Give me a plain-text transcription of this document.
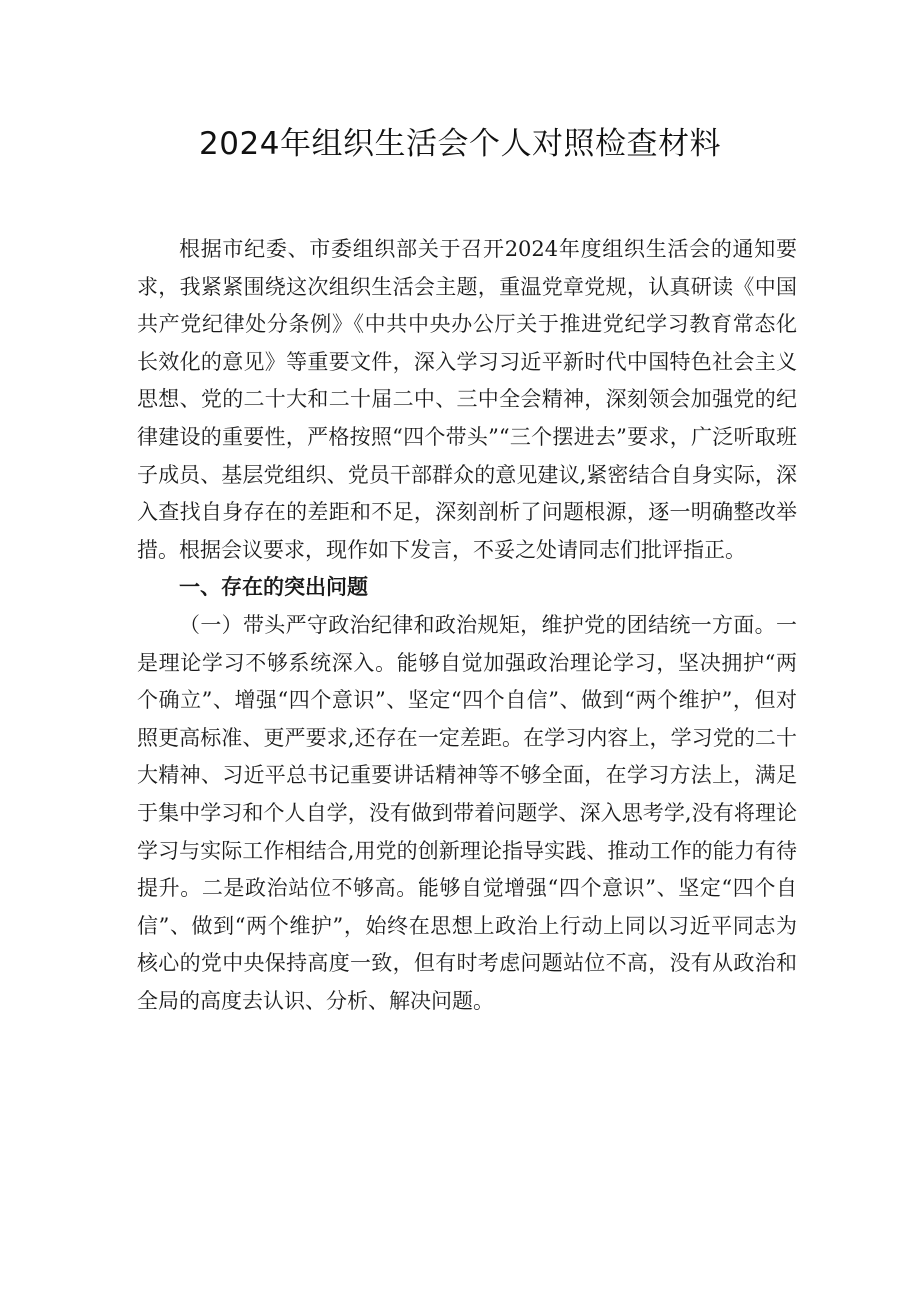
2024年组织生活会个人对照检查材料

根据市纪委、市委组织部关于召开2024年度组织生活会的通知要求，我紧紧围绕这次组织生活会主题，重温党章党规，认真研读《中国共产党纪律处分条例》《中共中央办公厅关于推进党纪学习教育常态化长效化的意见》等重要文件，深入学习习近平新时代中国特色社会主义思想、党的二十大和二十届二中、三中全会精神，深刻领会加强党的纪律建设的重要性，严格按照“四个带头”“三个摆进去”要求，广泛听取班子成员、基层党组织、党员干部群众的意见建议,紧密结合自身实际，深入查找自身存在的差距和不足，深刻剖析了问题根源，逐一明确整改举措。根据会议要求，现作如下发言，不妥之处请同志们批评指正。

一、存在的突出问题

（一）带头严守政治纪律和政治规矩，维护党的团结统一方面。一是理论学习不够系统深入。能够自觉加强政治理论学习，坚决拥护“两个确立”、增强“四个意识”、坚定“四个自信”、做到“两个维护”，但对照更高标准、更严要求,还存在一定差距。在学习内容上，学习党的二十大精神、习近平总书记重要讲话精神等不够全面，在学习方法上，满足于集中学习和个人自学，没有做到带着问题学、深入思考学,没有将理论学习与实际工作相结合,用党的创新理论指导实践、推动工作的能力有待提升。二是政治站位不够高。能够自觉增强“四个意识”、坚定“四个自信”、做到“两个维护”，始终在思想上政治上行动上同以习近平同志为核心的党中央保持高度一致，但有时考虑问题站位不高，没有从政治和全局的高度去认识、分析、解决问题。
